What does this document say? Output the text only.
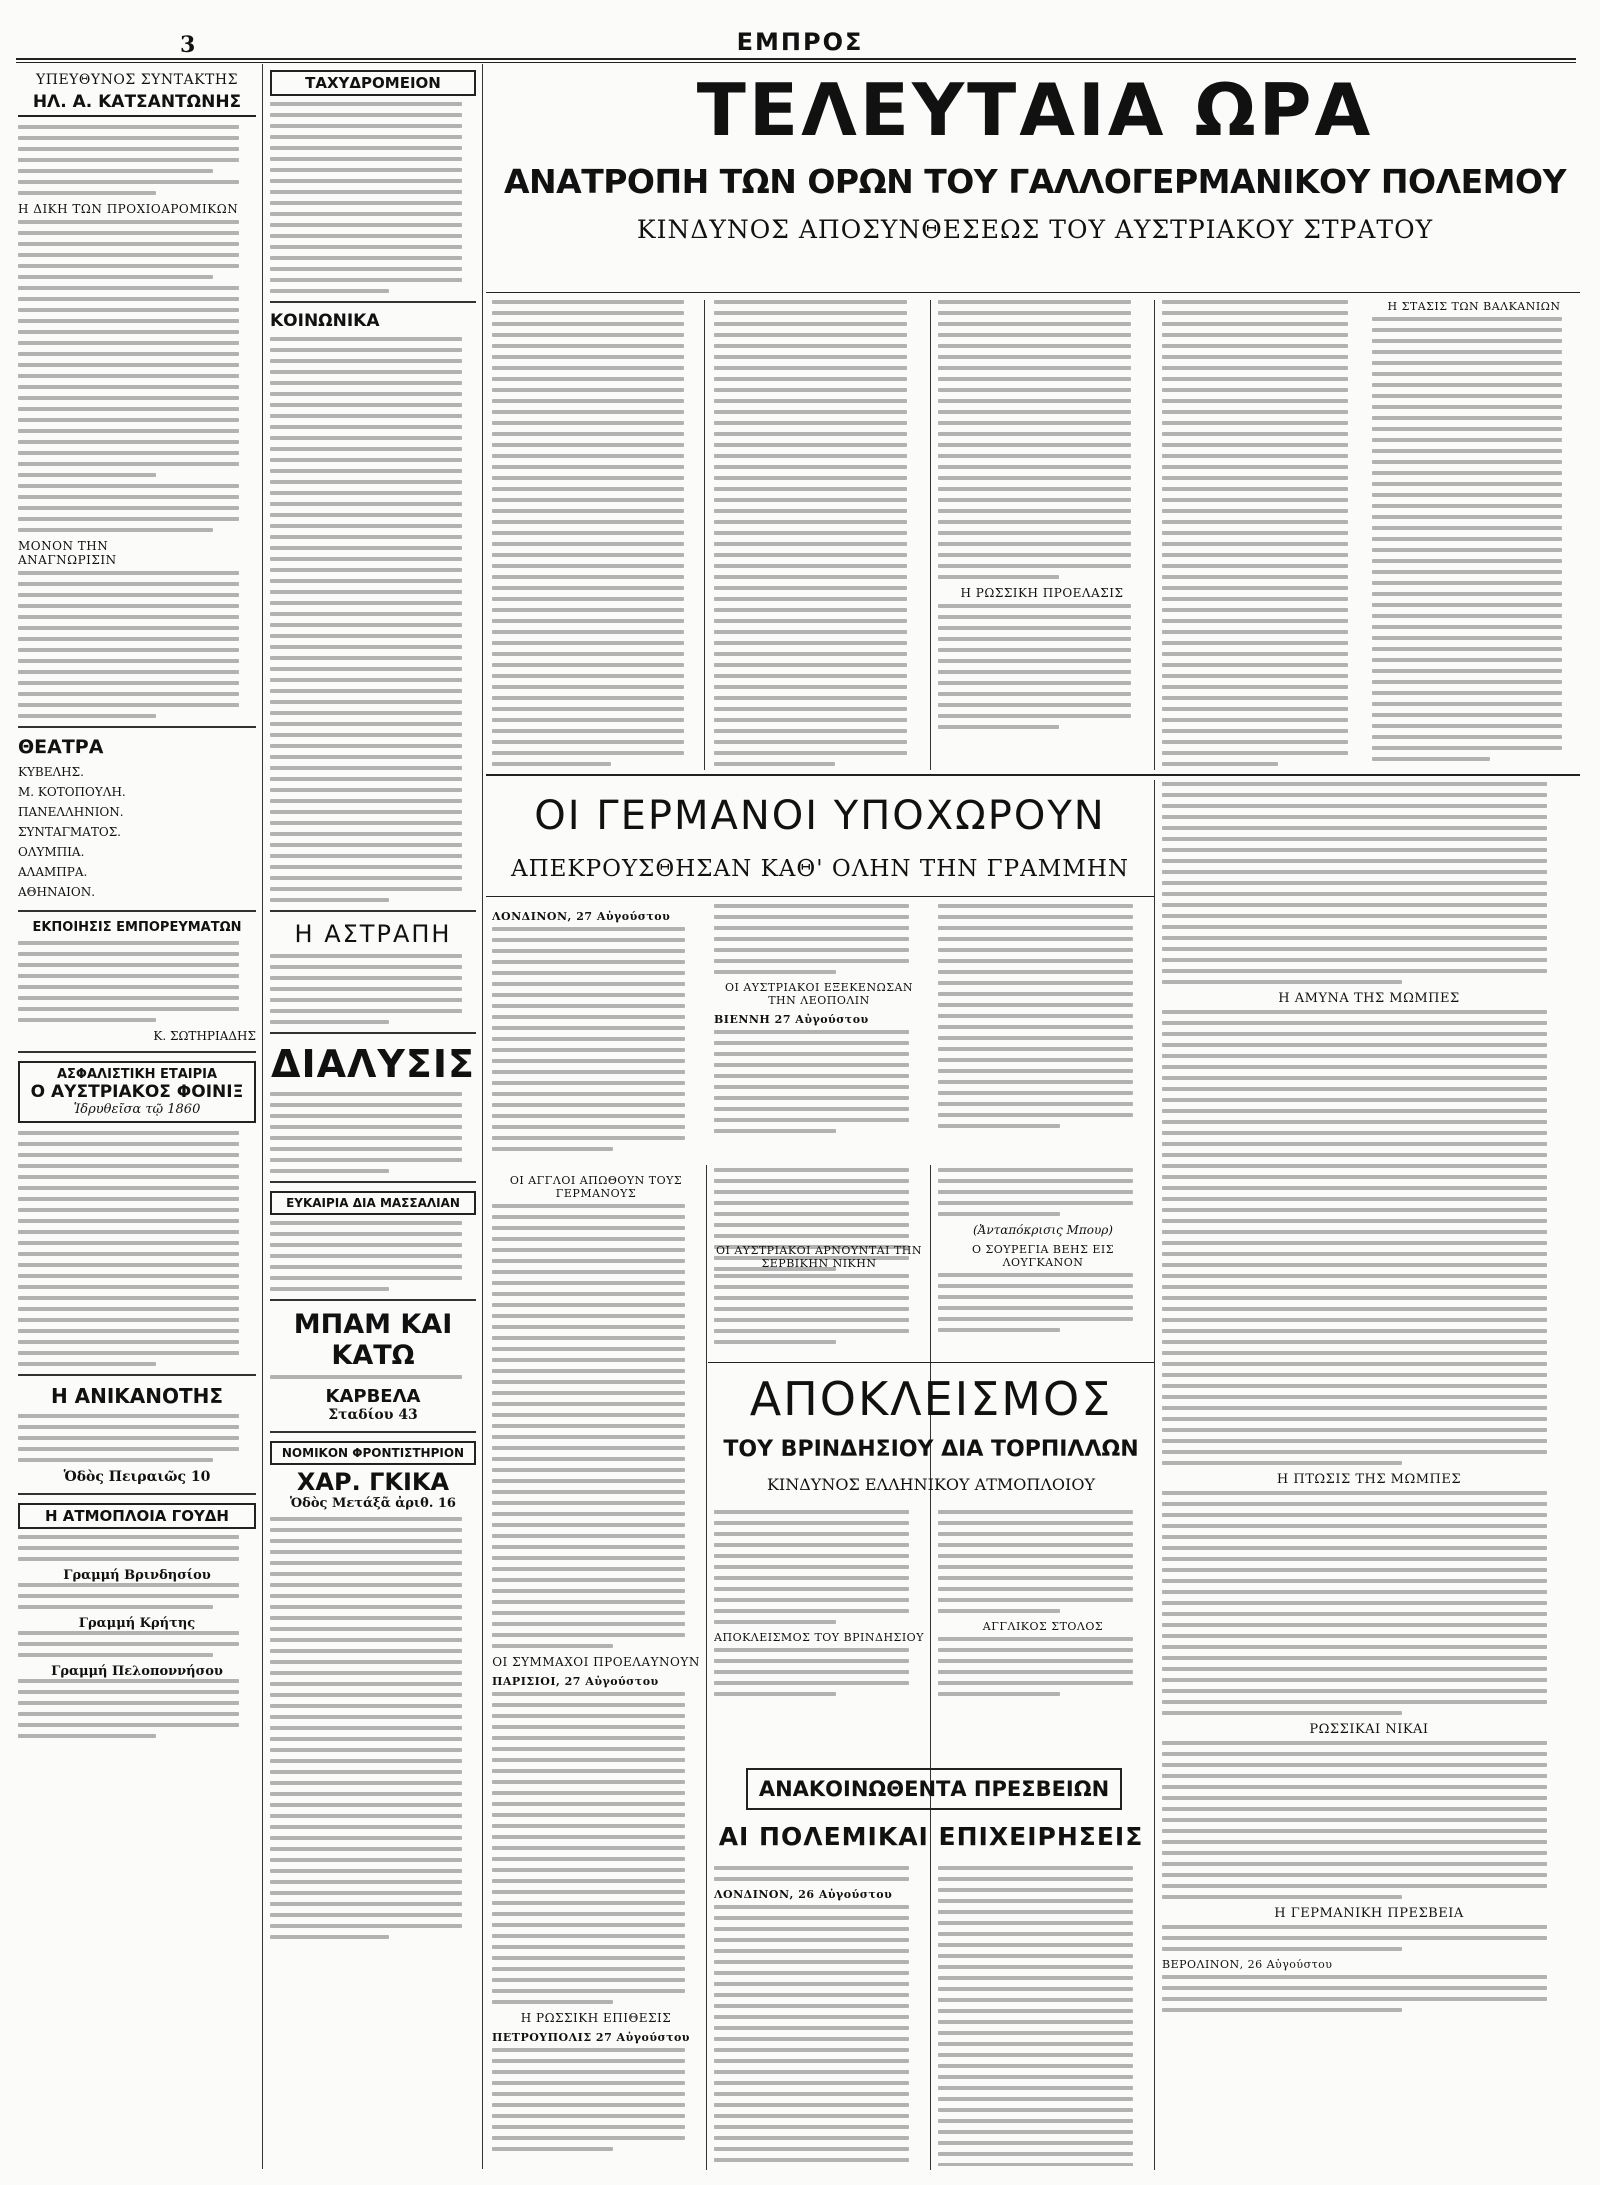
3	ΕΜΠΡΟΣ
ΥΠΕΥΘΥΝΟΣ ΣΥΝΤΑΚΤΗΣ
ΗΛ. Α. ΚΑΤΣΑΝΤΩΝΗΣ
Η ΔΙΚΗ ΤΩΝ ΠΡΟΧΙΟΑΡΟΜΙΚΩΝ
ΜΟΝΟΝ ΤΗΝ ΑΝΑΓΝΩΡΙΣΙΝ
ΘΕΑΤΡΑ
ΚΥΒΕΛΗΣ.
Μ. ΚΟΤΟΠΟΥΛΗ.
ΠΑΝΕΛΛΗΝΙΟΝ.
ΣΥΝΤΑΓΜΑΤΟΣ.
ΟΛΥΜΠΙΑ.
ΑΛΑΜΠΡΑ.
ΑΘΗΝΑΙΟΝ.
ΕΚΠΟΙΗΣΙΣ ΕΜΠΟΡΕΥΜΑΤΩΝ
Κ. ΣΩΤΗΡΙΑΔΗΣ
ΑΣΦΑΛΙΣΤΙΚΗ ΕΤΑΙΡΙΑ
Ο ΑΥΣΤΡΙΑΚΟΣ ΦΟΙΝΙΞ
Ἱδρυθεῖσα τῷ 1860
Η ΑΝΙΚΑΝΟΤΗΣ
Ὁδὸς Πειραιῶς 10
Η ΑΤΜΟΠΛΟΙΑ ΓΟΥΔΗ
Γραμμή Βρινδησίου
Γραμμή Κρήτης
Γραμμή Πελοποννήσου
ΤΑΧΥΔΡΟΜΕΙΟΝ
ΚΟΙΝΩΝΙΚΑ
Η ΑΣΤΡΑΠΗ
ΔΙΑΛΥΣΙΣ
ΕΥΚΑΙΡΙΑ ΔΙΑ ΜΑΣΣΑΛΙΑΝ
ΜΠΑΜ ΚΑΙ ΚΑΤΩ
ΚΑΡΒΕΛΑ
Σταδίου 43
ΝΟΜΙΚΟΝ ΦΡΟΝΤΙΣΤΗΡΙΟΝ
ΧΑΡ. ΓΚΙΚΑ
Ὁδὸς Μετάξᾶ ἀριθ. 16
ΤΕΛΕΥΤΑΙΑ ΩΡΑ
ΑΝΑΤΡΟΠΗ ΤΩΝ ΟΡΩΝ ΤΟΥ ΓΑΛΛΟΓΕΡΜΑΝΙΚΟΥ ΠΟΛΕΜΟΥ
ΚΙΝΔΥΝΟΣ ΑΠΟΣΥΝΘΕΣΕΩΣ ΤΟΥ ΑΥΣΤΡΙΑΚΟΥ ΣΤΡΑΤΟΥ
Η ΡΩΣΣΙΚΗ ΠΡΟΕΛΑΣΙΣ
Η ΣΤΑΣΙΣ ΤΩΝ ΒΑΛΚΑΝΙΩΝ
ΟΙ ΓΕΡΜΑΝΟΙ ΥΠΟΧΩΡΟΥΝ
ΑΠΕΚΡΟΥΣΘΗΣΑΝ ΚΑΘ' ΟΛΗΝ ΤΗΝ ΓΡΑΜΜΗΝ
ΛΟΝΔΙΝΟΝ, 27 Αὐγούστου
ΟΙ ΑΥΣΤΡΙΑΚΟΙ ΕΞΕΚΕΝΩΣΑΝ ΤΗΝ ΛΕΟΠΟΛΙΝ
ΒΙΕΝΝΗ 27 Αὐγούστου
Η ΑΜΥΝΑ ΤΗΣ ΜΩΜΠΕΣ
Η ΠΤΩΣΙΣ ΤΗΣ ΜΩΜΠΕΣ
ΡΩΣΣΙΚΑΙ ΝΙΚΑΙ
Η ΓΕΡΜΑΝΙΚΗ ΠΡΕΣΒΕΙΑ
ΒΕΡΟΛΙΝΟΝ, 26 Αὐγούστου
ΟΙ ΑΓΓΛΟΙ ΑΠΩΘΟΥΝ ΤΟΥΣ ΓΕΡΜΑΝΟΥΣ
ΟΙ ΣΥΜΜΑΧΟΙ ΠΡΟΕΛΑΥΝΟΥΝ
ΠΑΡΙΣΙΟΙ, 27 Αὐγούστου
Η ΡΩΣΣΙΚΗ ΕΠΙΘΕΣΙΣ
ΠΕΤΡΟΥΠΟΛΙΣ 27 Αὐγούστου
ΟΙ ΑΥΣΤΡΙΑΚΟΙ ΑΡΝΟΥΝΤΑΙ ΤΗΝ ΣΕΡΒΙΚΗΝ ΝΙΚΗΝ
(Ἀνταπόκρισις Μπουρ)
Ο ΣΟΥΡΕΓΙΑ ΒΕΗΣ ΕΙΣ ΛΟΥΓΚΑΝΟΝ
ΑΠΟΚΛΕΙΣΜΟΣ
ΤΟΥ ΒΡΙΝΔΗΣΙΟΥ ΔΙΑ ΤΟΡΠΙΛΛΩΝ
ΚΙΝΔΥΝΟΣ ΕΛΛΗΝΙΚΟΥ ΑΤΜΟΠΛΟΙΟΥ
ΑΠΟΚΛΕΙΣΜΟΣ ΤΟΥ ΒΡΙΝΔΗΣΙΟΥ
ΑΓΓΛΙΚΟΣ ΣΤΟΛΟΣ
ΑΝΑΚΟΙΝΩΘΕΝΤΑ ΠΡΕΣΒΕΙΩΝ
ΑΙ ΠΟΛΕΜΙΚΑΙ ΕΠΙΧΕΙΡΗΣΕΙΣ
ΛΟΝΔΙΝΟΝ, 26 Αὐγούστου
